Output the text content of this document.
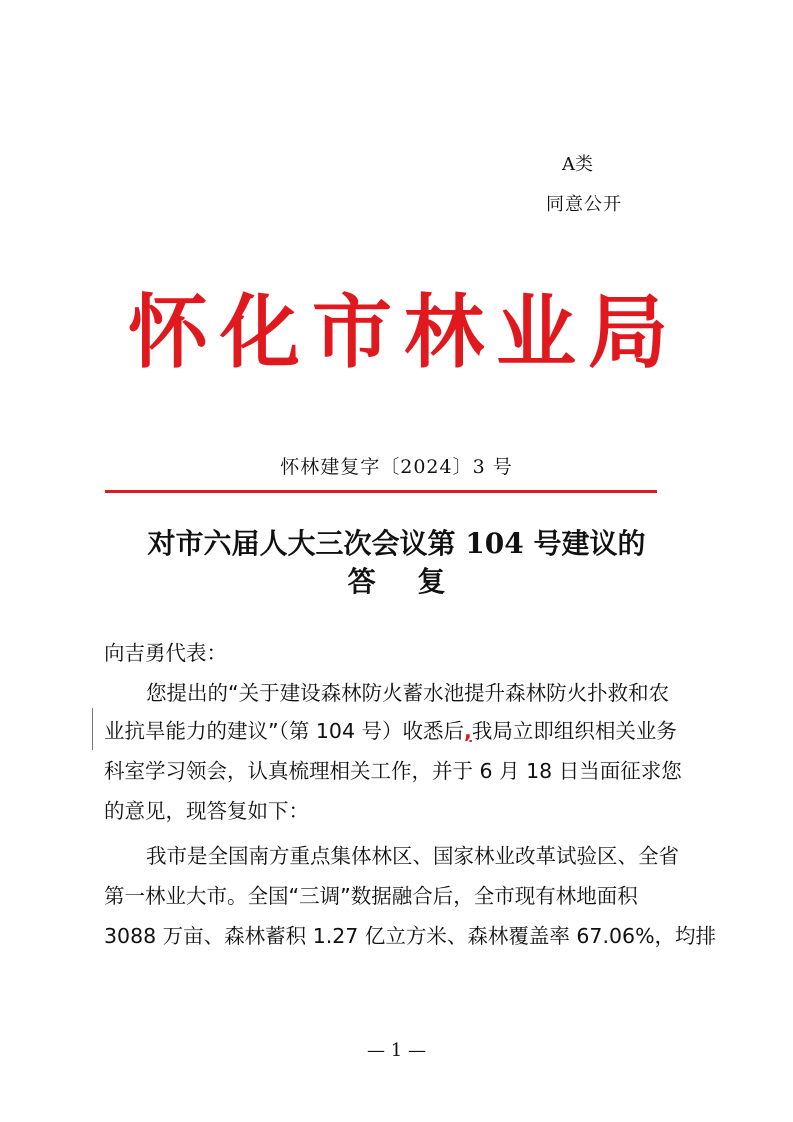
A类

同意公开

怀化市林业局

怀林建复字〔2024〕3 号

对市六届人大三次会议第 104 号建议的
答 复

向吉勇代表：

您提出的“关于建设森林防火蓄水池提升森林防火扑救和农

业抗旱能力的建议”（第 104 号）收悉后,我局立即组织相关业务

科室学习领会，认真梳理相关工作，并于 6 月 18 日当面征求您

的意见，现答复如下：

我市是全国南方重点集体林区、国家林业改革试验区、全省

第一林业大市。全国“三调”数据融合后，全市现有林地面积

3088 万亩、森林蓄积 1.27 亿立方米、森林覆盖率 67.06%，均排

— 1 —
